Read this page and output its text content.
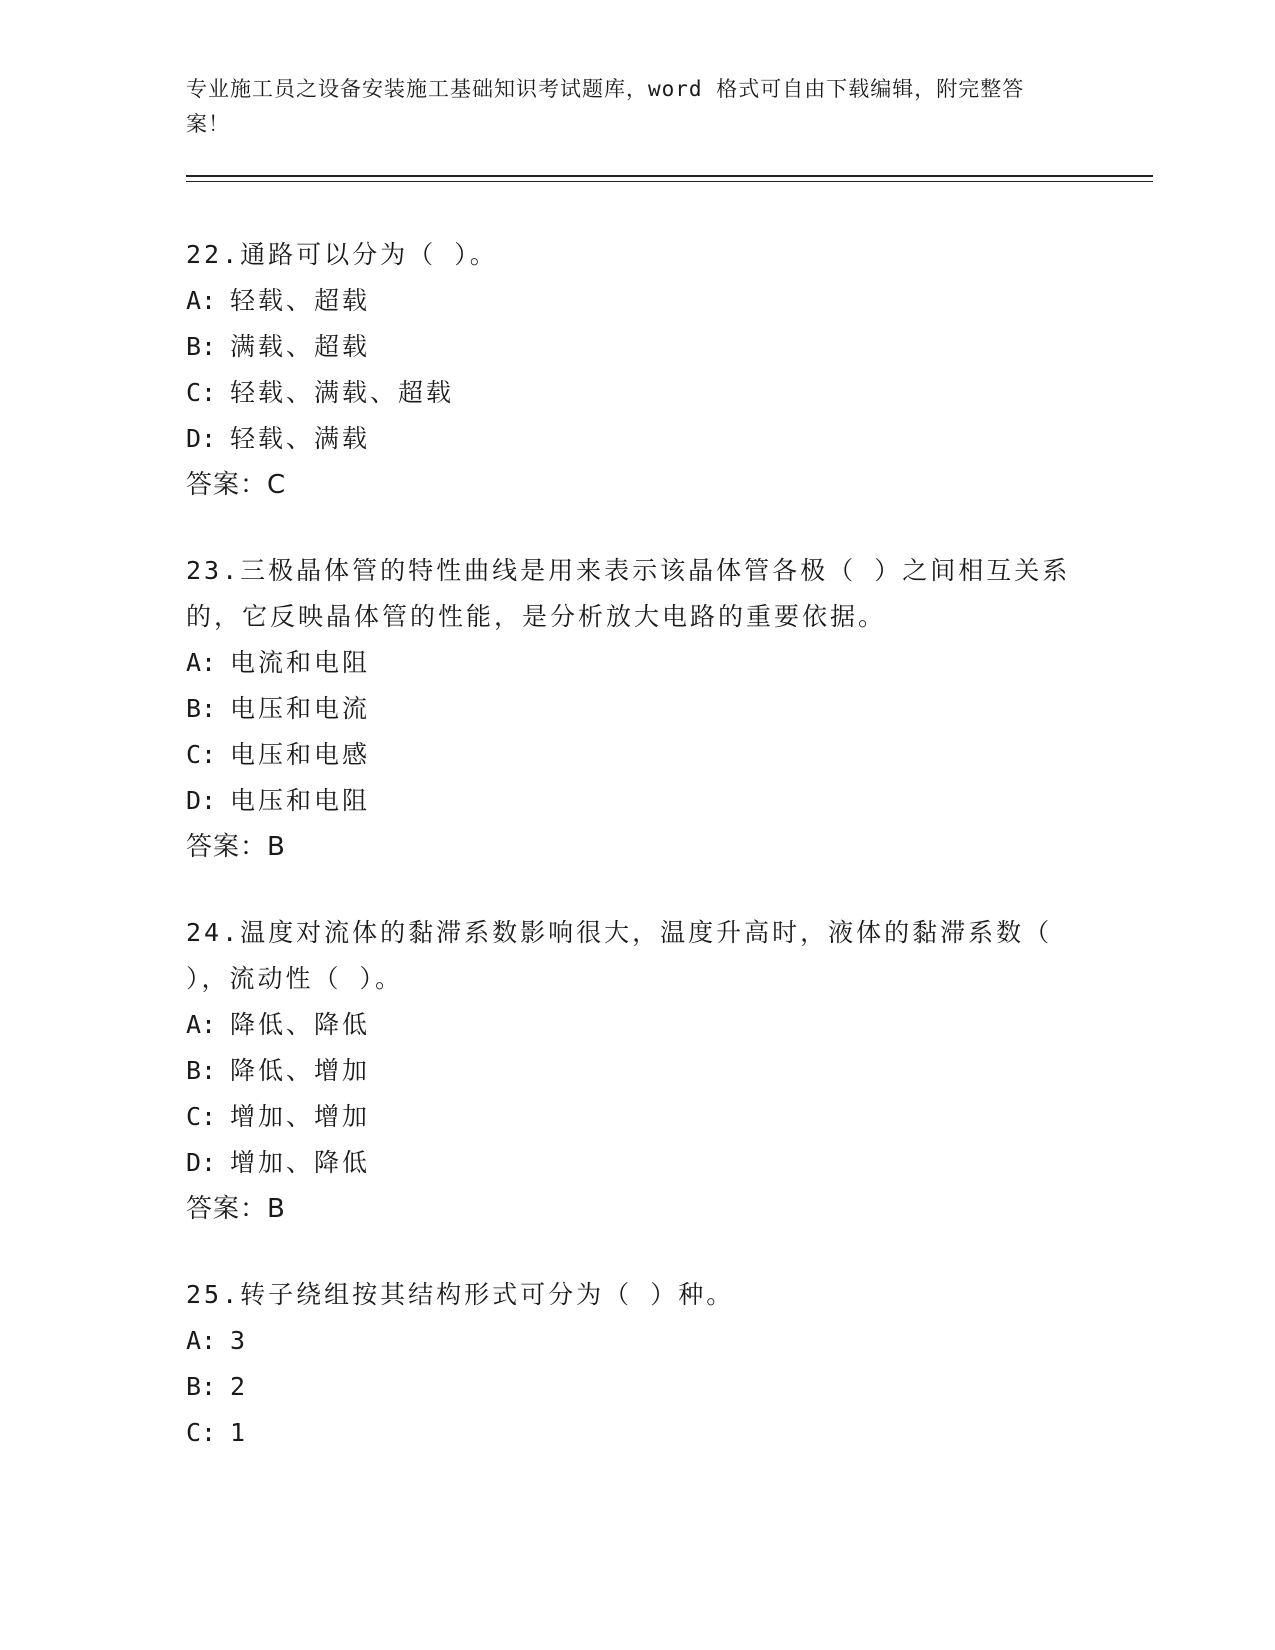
专业施工员之设备安装施工基础知识考试题库，word 格式可自由下载编辑，附完整答案！
22.通路可以分为（ ）。
A: 轻载、超载
B: 满载、超载
C: 轻载、满载、超载
D: 轻载、满载
答案：C
23.三极晶体管的特性曲线是用来表示该晶体管各极（ ）之间相互关系的，它反映晶体管的性能，是分析放大电路的重要依据。
A: 电流和电阻
B: 电压和电流
C: 电压和电感
D: 电压和电阻
答案：B
24.温度对流体的黏滞系数影响很大，温度升高时，液体的黏滞系数（ ），流动性（ ）。
A: 降低、降低
B: 降低、增加
C: 增加、增加
D: 增加、降低
答案：B
25.转子绕组按其结构形式可分为（ ）种。
A: 3
B: 2
C: 1
